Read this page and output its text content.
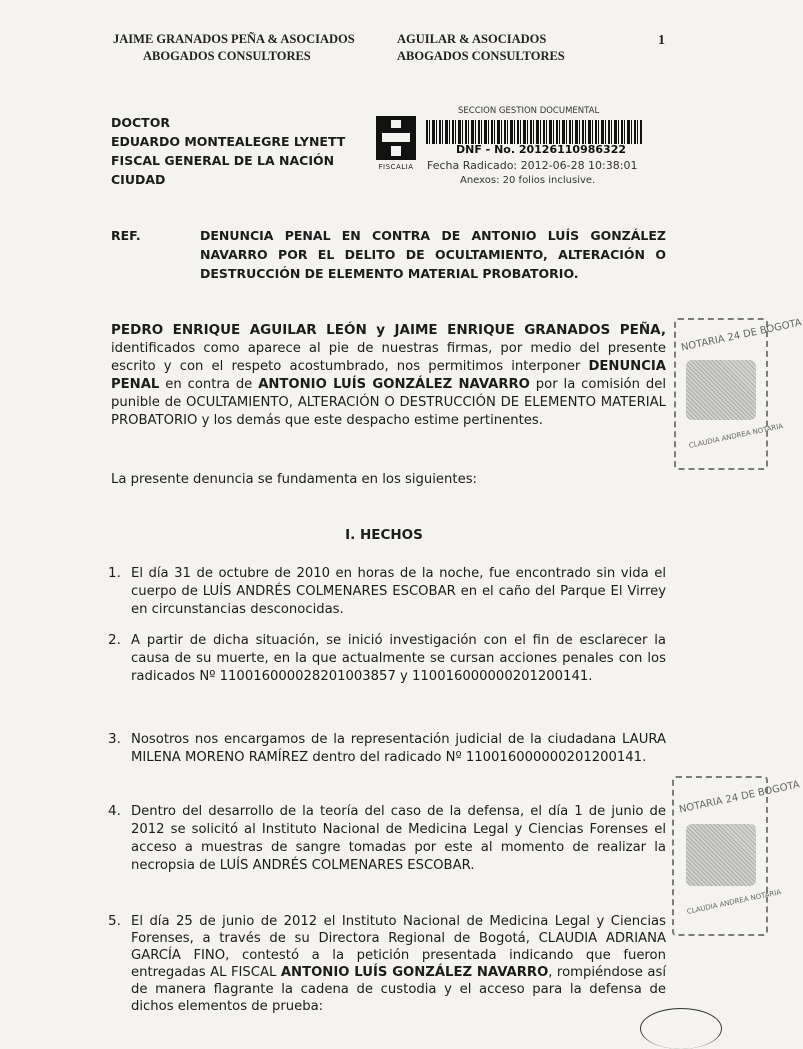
JAIME GRANADOS PEÑA & ASOCIADOS
ABOGADOS CONSULTORES
AGUILAR & ASOCIADOS
ABOGADOS CONSULTORES
1
DOCTOR
EDUARDO MONTEALEGRE LYNETT
FISCAL GENERAL DE LA NACIÓN
CIUDAD
FISCALIA
SECCION GESTION DOCUMENTAL
DNF - No. 20126110986322
Fecha Radicado: 2012-06-28 10:38:01
Anexos: 20 folios inclusive.
REF.	DENUNCIA PENAL EN CONTRA DE ANTONIO LUÍS GONZÁLEZ NAVARRO POR EL DELITO DE OCULTAMIENTO, ALTERACIÓN O DESTRUCCIÓN DE ELEMENTO MATERIAL PROBATORIO.
PEDRO ENRIQUE AGUILAR LEÓN y JAIME ENRIQUE GRANADOS PEÑA, identificados como aparece al pie de nuestras firmas, por medio del presente escrito y con el respeto acostumbrado, nos permitimos interponer DENUNCIA PENAL en contra de ANTONIO LUÍS GONZÁLEZ NAVARRO por la comisión del punible de OCULTAMIENTO, ALTERACIÓN O DESTRUCCIÓN DE ELEMENTO MATERIAL PROBATORIO y los demás que este despacho estime pertinentes.
La presente denuncia se fundamenta en los siguientes:
I. HECHOS
1. El día 31 de octubre de 2010 en horas de la noche, fue encontrado sin vida el cuerpo de LUÍS ANDRÉS COLMENARES ESCOBAR en el caño del Parque El Virrey en circunstancias desconocidas.
2. A partir de dicha situación, se inició investigación con el fin de esclarecer la causa de su muerte, en la que actualmente se cursan acciones penales con los radicados Nº 110016000028201003857 y 110016000000201200141.
3. Nosotros nos encargamos de la representación judicial de la ciudadana LAURA MILENA MORENO RAMÍREZ dentro del radicado Nº 110016000000201200141.
4. Dentro del desarrollo de la teoría del caso de la defensa, el día 1 de junio de 2012 se solicitó al Instituto Nacional de Medicina Legal y Ciencias Forenses el acceso a muestras de sangre tomadas por este al momento de realizar la necropsia de LUÍS ANDRÉS COLMENARES ESCOBAR.
5. El día 25 de junio de 2012 el Instituto Nacional de Medicina Legal y Ciencias Forenses, a través de su Directora Regional de Bogotá, CLAUDIA ADRIANA GARCÍA FINO, contestó a la petición presentada indicando que fueron entregadas AL FISCAL ANTONIO LUÍS GONZÁLEZ NAVARRO, rompiéndose así de manera flagrante la cadena de custodia y el acceso para la defensa de dichos elementos de prueba:
NOTARIA 24 DE BOGOTA
CLAUDIA ANDREA NOTARIA
NOTARIA 24 DE BOGOTA
CLAUDIA ANDREA NOTARIA
